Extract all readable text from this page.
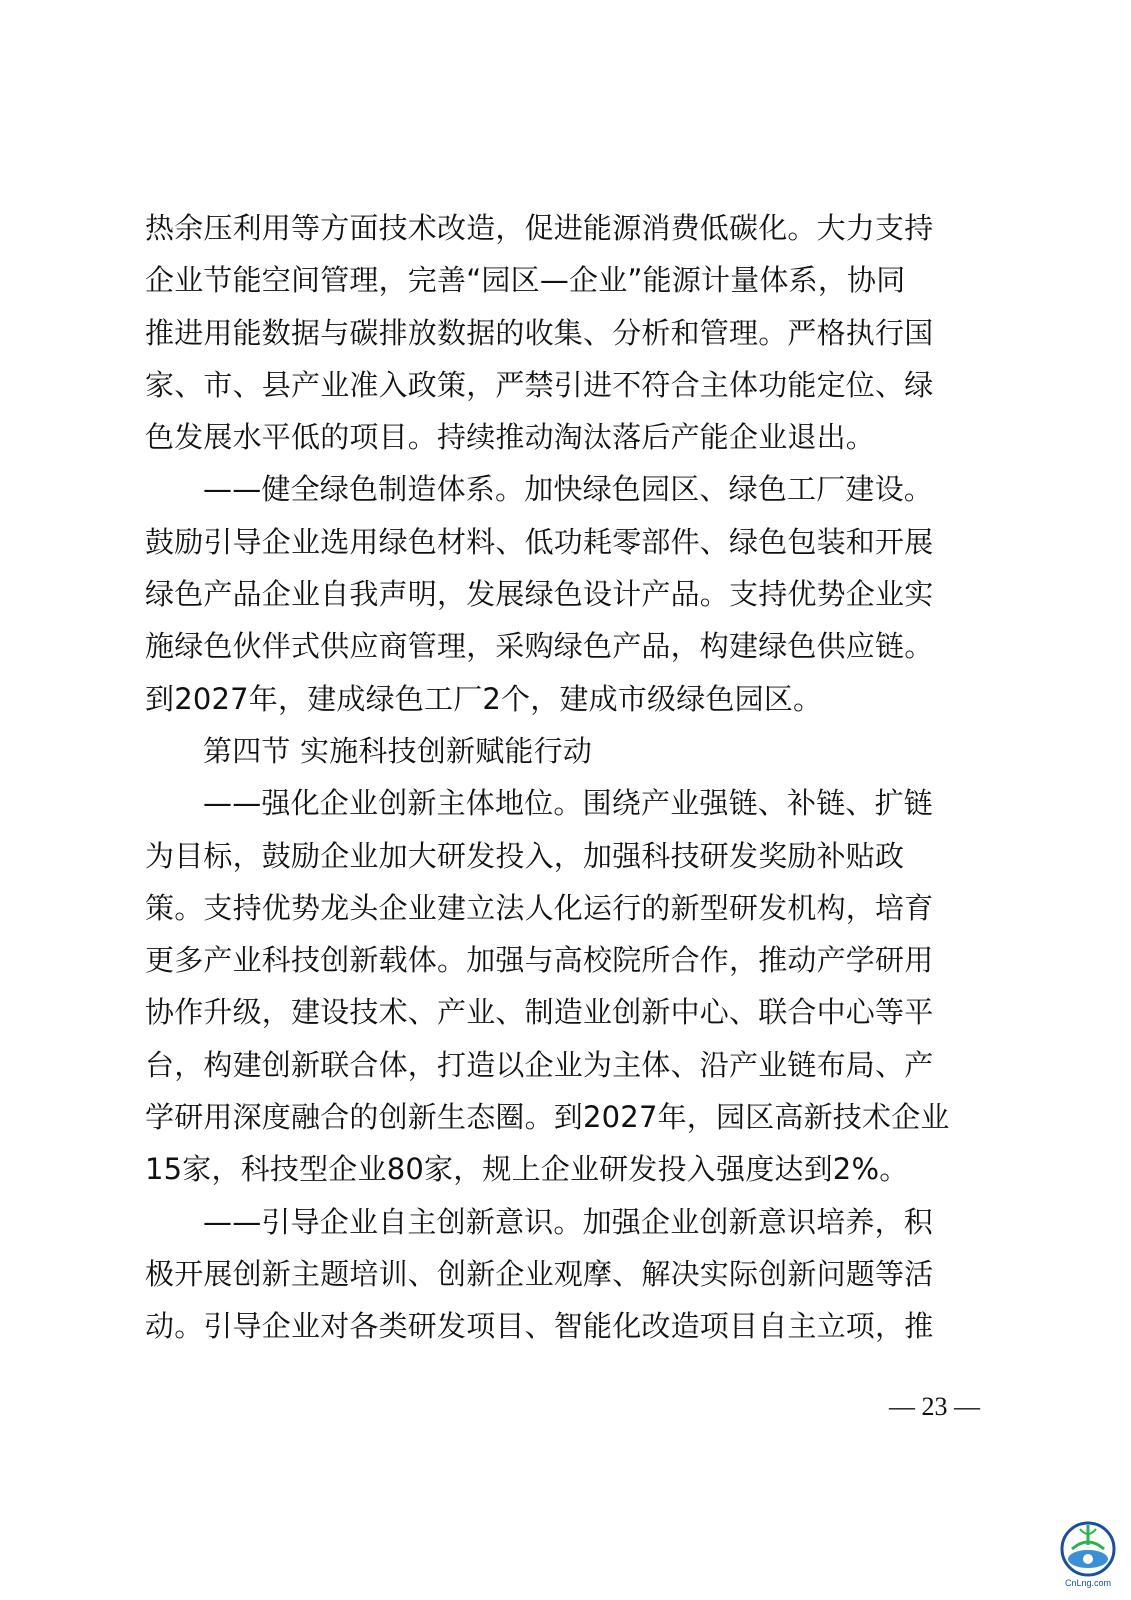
热余压利用等方面技术改造，促进能源消费低碳化。大力支持
企业节能空间管理，完善“园区—企业”能源计量体系，协同
推进用能数据与碳排放数据的收集、分析和管理。严格执行国
家、市、县产业准入政策，严禁引进不符合主体功能定位、绿
色发展水平低的项目。持续推动淘汰落后产能企业退出。
——健全绿色制造体系。加快绿色园区、绿色工厂建设。
鼓励引导企业选用绿色材料、低功耗零部件、绿色包装和开展
绿色产品企业自我声明，发展绿色设计产品。支持优势企业实
施绿色伙伴式供应商管理，采购绿色产品，构建绿色供应链。
到2027年，建成绿色工厂2个，建成市级绿色园区。
第四节 实施科技创新赋能行动
——强化企业创新主体地位。围绕产业强链、补链、扩链
为目标，鼓励企业加大研发投入，加强科技研发奖励补贴政
策。支持优势龙头企业建立法人化运行的新型研发机构，培育
更多产业科技创新载体。加强与高校院所合作，推动产学研用
协作升级，建设技术、产业、制造业创新中心、联合中心等平
台，构建创新联合体，打造以企业为主体、沿产业链布局、产
学研用深度融合的创新生态圈。到2027年，园区高新技术企业
15家，科技型企业80家，规上企业研发投入强度达到2%。
——引导企业自主创新意识。加强企业创新意识培养，积
极开展创新主题培训、创新企业观摩、解决实际创新问题等活
动。引导企业对各类研发项目、智能化改造项目自主立项，推
— 23 —
CnLng.com
